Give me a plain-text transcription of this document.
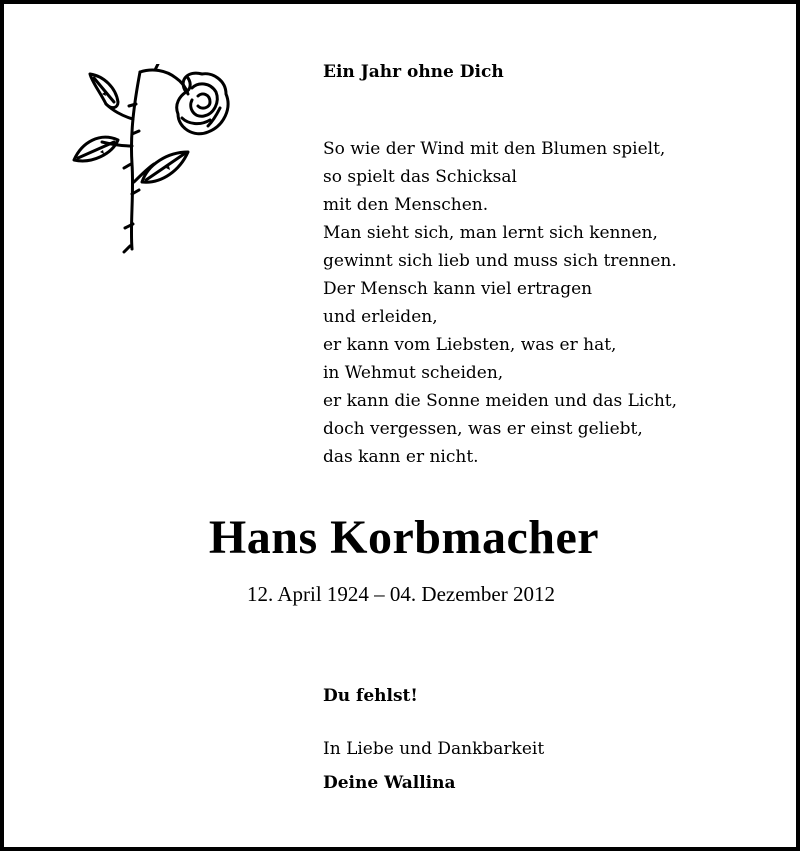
Ein Jahr ohne Dich
So wie der Wind mit den Blumen spielt,
so spielt das Schicksal
mit den Menschen.
Man sieht sich, man lernt sich kennen,
gewinnt sich lieb und muss sich trennen.
Der Mensch kann viel ertragen
und erleiden,
er kann vom Liebsten, was er hat,
in Wehmut scheiden,
er kann die Sonne meiden und das Licht,
doch vergessen, was er einst geliebt,
das kann er nicht.
Hans Korbmacher
12. April 1924 – 04. Dezember 2012
Du fehlst!
In Liebe und Dankbarkeit
Deine Wallina
